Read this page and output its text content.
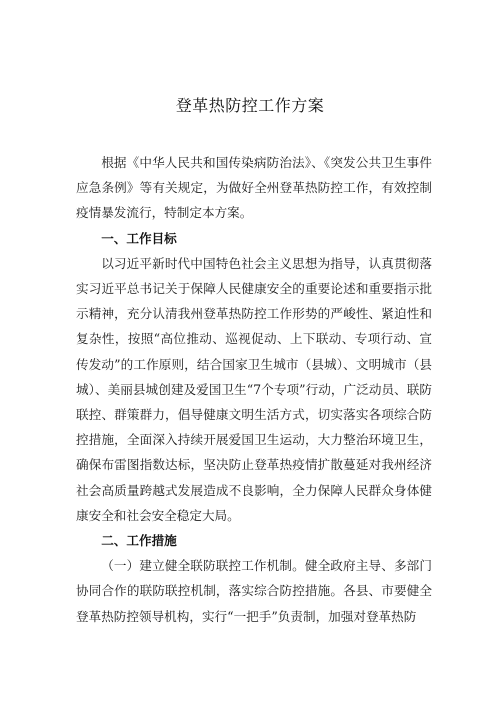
登革热防控工作方案

根据《中华人民共和国传染病防治法》、《突发公共卫生事件应急条例》等有关规定，为做好全州登革热防控工作，有效控制疫情暴发流行，特制定本方案。

一、工作目标

以习近平新时代中国特色社会主义思想为指导，认真贯彻落实习近平总书记关于保障人民健康安全的重要论述和重要指示批示精神，充分认清我州登革热防控工作形势的严峻性、紧迫性和复杂性，按照“高位推动、巡视促动、上下联动、专项行动、宣传发动”的工作原则，结合国家卫生城市（县城）、文明城市（县城）、美丽县城创建及爱国卫生“7个专项”行动，广泛动员、联防联控、群策群力，倡导健康文明生活方式，切实落实各项综合防控措施，全面深入持续开展爱国卫生运动，大力整治环境卫生，确保布雷图指数达标，坚决防止登革热疫情扩散蔓延对我州经济社会高质量跨越式发展造成不良影响，全力保障人民群众身体健康安全和社会安全稳定大局。

二、工作措施

（一）建立健全联防联控工作机制。健全政府主导、多部门协同合作的联防联控机制，落实综合防控措施。各县、市要健全登革热防控领导机构，实行“一把手”负责制，加强对登革热防
